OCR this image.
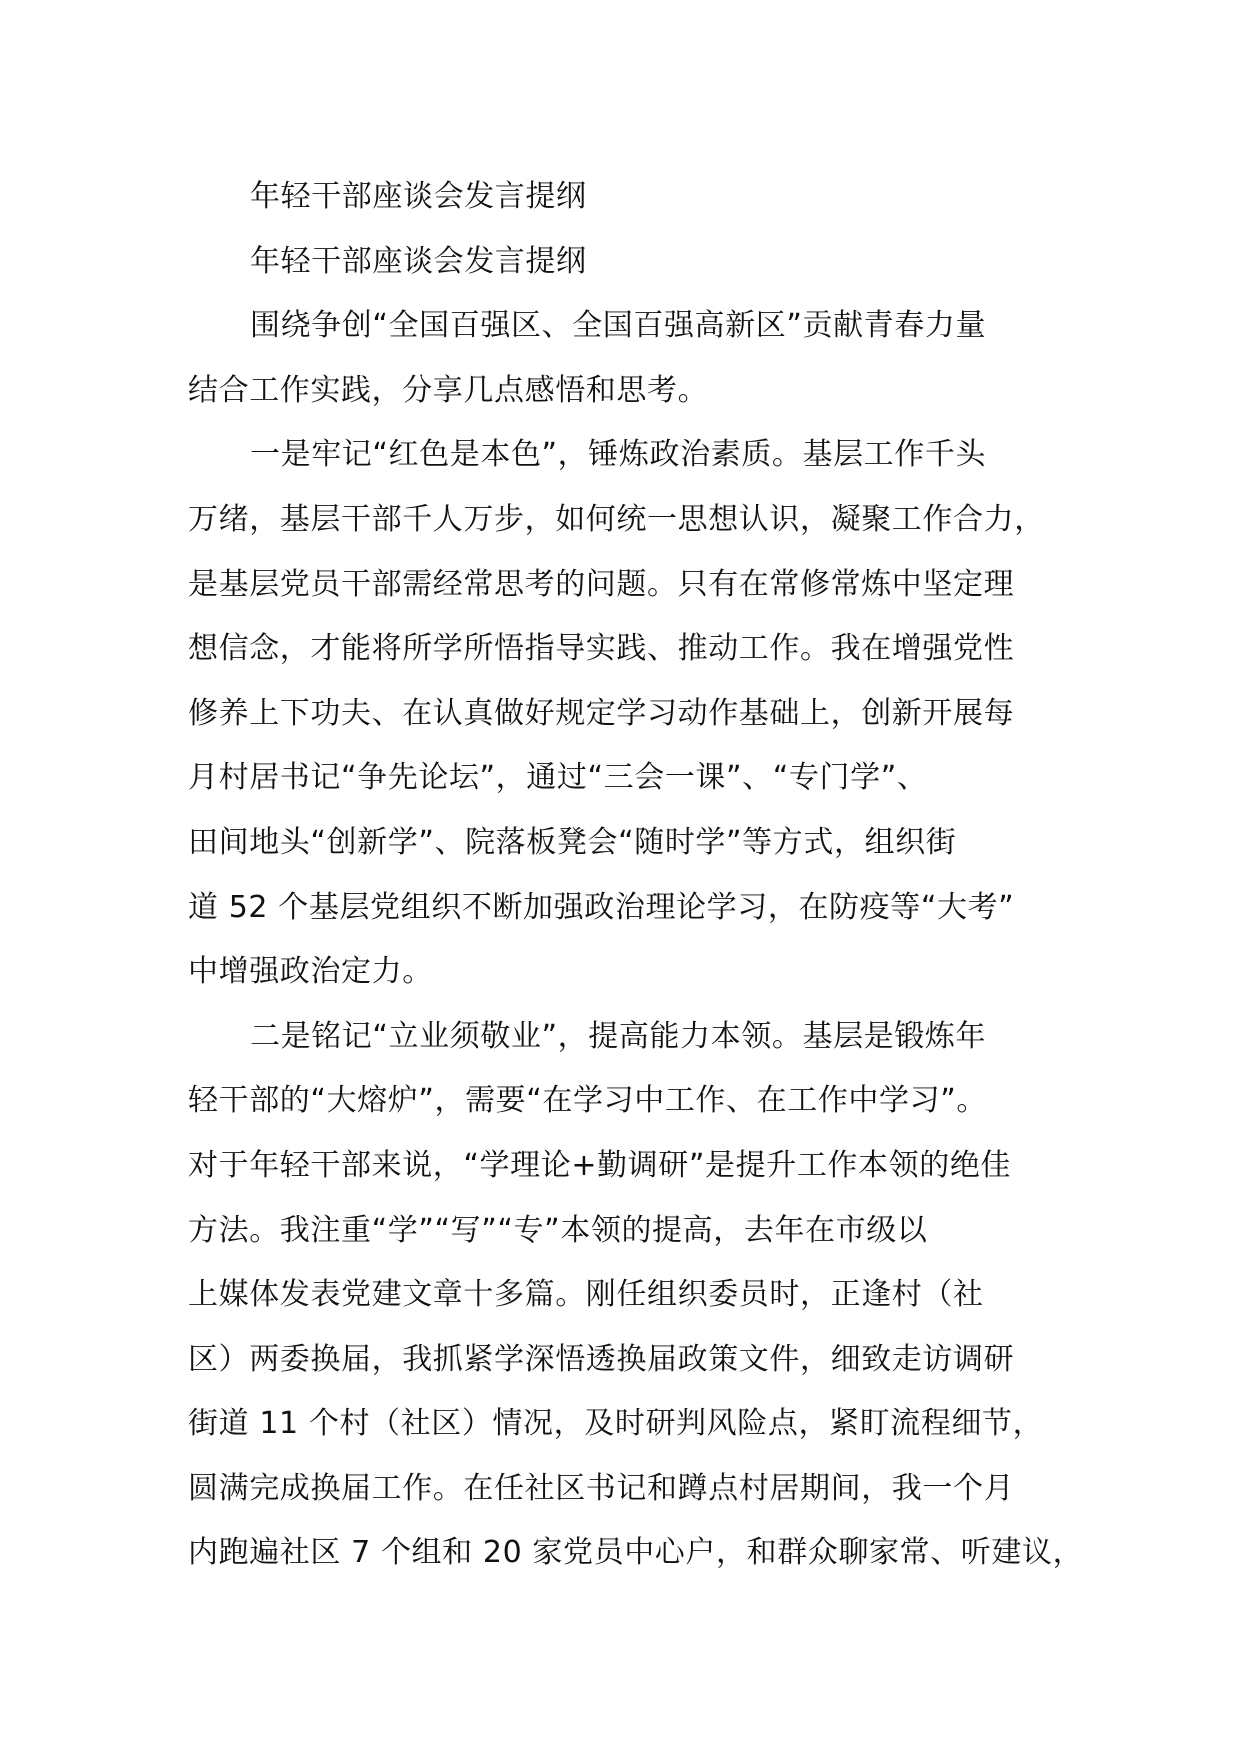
年轻干部座谈会发言提纲
年轻干部座谈会发言提纲
围绕争创“全国百强区、全国百强高新区”贡献青春力量
结合工作实践，分享几点感悟和思考。
一是牢记“红色是本色”，锤炼政治素质。基层工作千头
万绪，基层干部千人万步，如何统一思想认识，凝聚工作合力，
是基层党员干部需经常思考的问题。只有在常修常炼中坚定理
想信念，才能将所学所悟指导实践、推动工作。我在增强党性
修养上下功夫、在认真做好规定学习动作基础上，创新开展每
月村居书记“争先论坛”，通过“三会一课”、“专门学”、
田间地头“创新学”、院落板凳会“随时学”等方式，组织街
道 52 个基层党组织不断加强政治理论学习，在防疫等“大考”
中增强政治定力。
二是铭记“立业须敬业”，提高能力本领。基层是锻炼年
轻干部的“大熔炉”，需要“在学习中工作、在工作中学习”。
对于年轻干部来说，“学理论+勤调研”是提升工作本领的绝佳
方法。我注重“学”“写”“专”本领的提高，去年在市级以
上媒体发表党建文章十多篇。刚任组织委员时，正逢村（社
区）两委换届，我抓紧学深悟透换届政策文件，细致走访调研
街道 11 个村（社区）情况，及时研判风险点，紧盯流程细节，
圆满完成换届工作。在任社区书记和蹲点村居期间，我一个月
内跑遍社区 7 个组和 20 家党员中心户，和群众聊家常、听建议，
